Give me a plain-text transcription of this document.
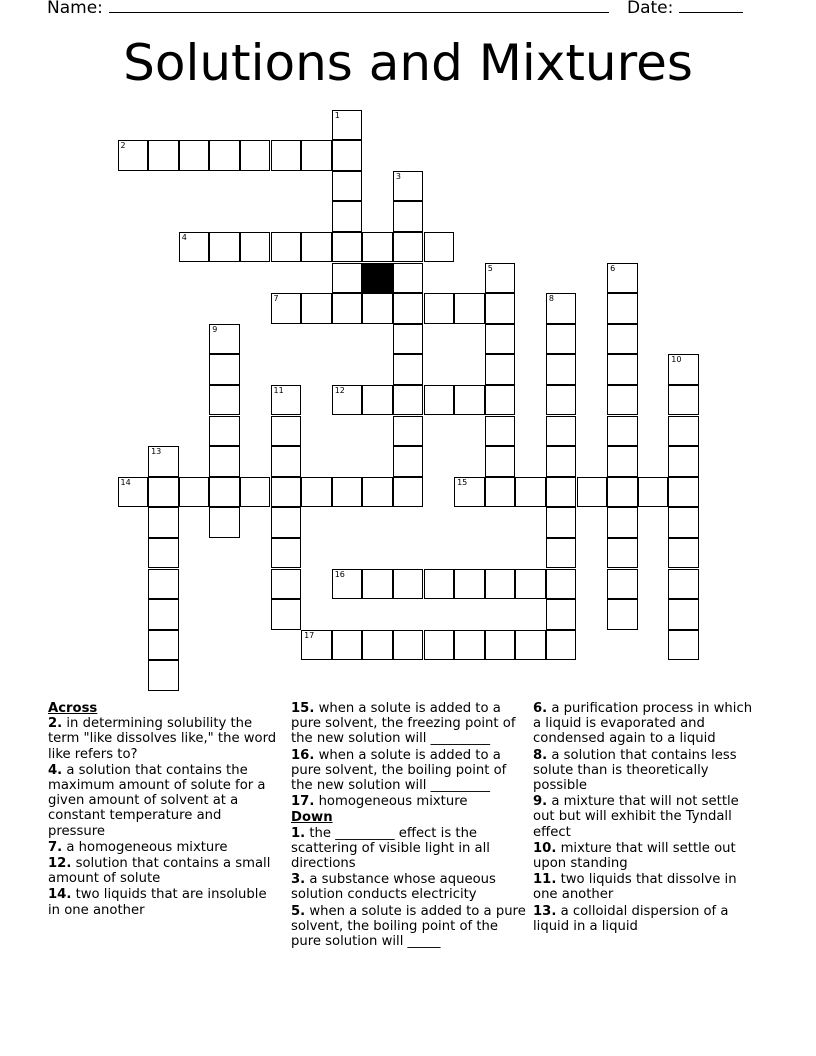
Name:	Date:
Solutions and Mixtures
1
2
3
4
5	6
7	8
9
10
11	12
13
14	15
16
17
Across
2. in determining solubility the term "like dissolves like," the word like refers to?
4. a solution that contains the maximum amount of solute for a given amount of solvent at a constant temperature and pressure
7. a homogeneous mixture
12. solution that contains a small amount of solute
14. two liquids that are insoluble in one another
15. when a solute is added to a pure solvent, the freezing point of the new solution will _________
16. when a solute is added to a pure solvent, the boiling point of the new solution will _________
17. homogeneous mixture
Down
1. the _________ effect is the scattering of visible light in all directions
3. a substance whose aqueous solution conducts electricity
5. when a solute is added to a pure solvent, the boiling point of the pure solution will _____
6. a purification process in which a liquid is evaporated and condensed again to a liquid
8. a solution that contains less solute than is theoretically possible
9. a mixture that will not settle out but will exhibit the Tyndall effect
10. mixture that will settle out upon standing
11. two liquids that dissolve in one another
13. a colloidal dispersion of a liquid in a liquid
